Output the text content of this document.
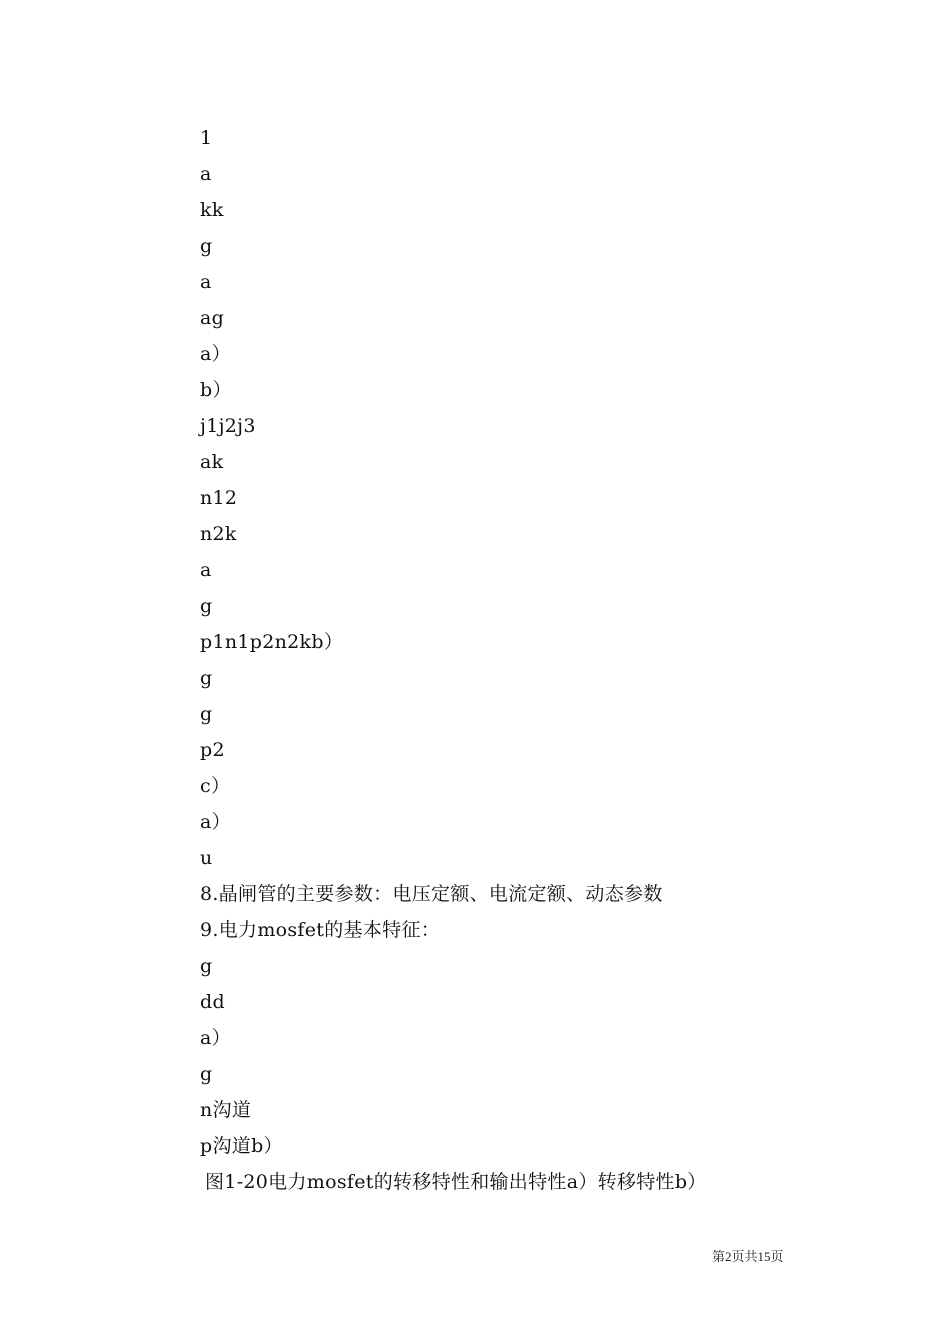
1
a
kk
g
a
ag
a）
b）
j1j2j3
ak
n12
n2k
a
g
p1n1p2n2kb）
g
g
p2
c）
a）
u
8.晶闸管的主要参数：电压定额、电流定额、动态参数
9.电力mosfet的基本特征：
g
dd
a）
g
n沟道
p沟道b）
图1-20电力mosfet的转移特性和输出特性a）转移特性b）
第2页共15页
